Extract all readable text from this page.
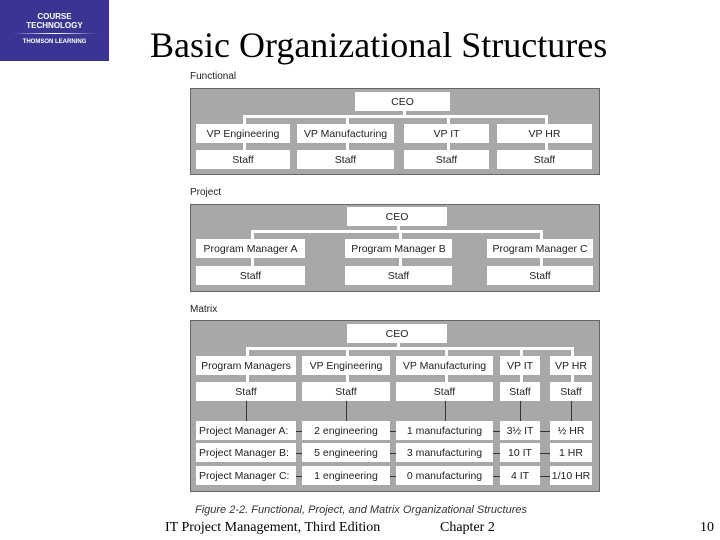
COURSE
TECHNOLOGY
THOMSON LEARNING	Basic Organizational Structures
Functional
CEO
VP Engineering
Staff
VP Manufacturing
Staff
VP IT
Staff
VP HR
Staff
Project
CEO
Program Manager A
Staff
Program Manager B
Staff
Program Manager C
Staff
Matrix
CEO
Program Managers
Staff
VP Engineering
Staff
VP Manufacturing
Staff
VP IT
Staff
VP HR
Staff
Project Manager A:	2 engineering	1 manufacturing	3½ IT	½ HR
Project Manager B:	5 engineering	3 manufacturing	10 IT	1 HR
Project Manager C:	1 engineering	0 manufacturing	4 IT	1/10 HR
Figure 2-2. Functional, Project, and Matrix Organizational Structures
IT Project Management, Third Edition	Chapter 2	10
